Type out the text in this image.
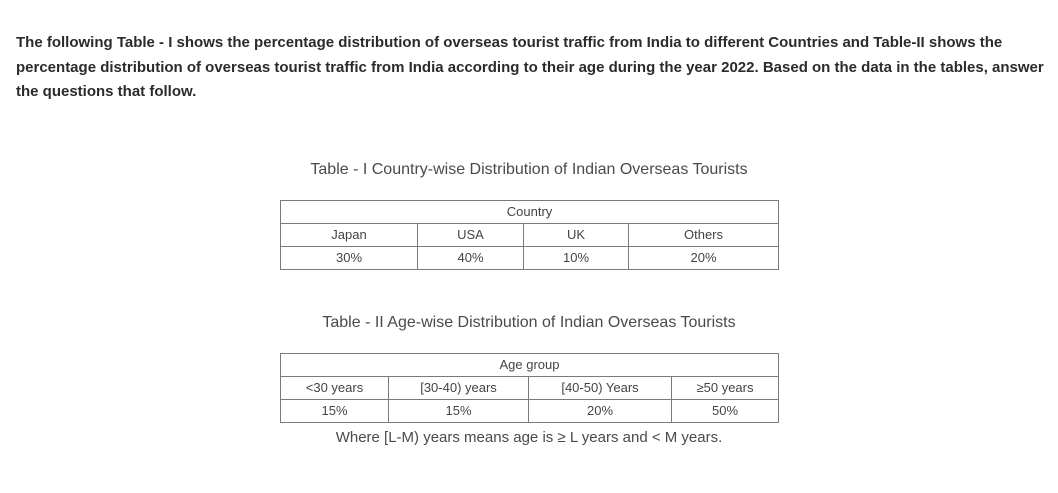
The following Table - I shows the percentage distribution of overseas tourist traffic from India to different Countries and Table-II shows the percentage distribution of overseas tourist traffic from India according to their age during the year 2022. Based on the data in the tables, answer the questions that follow.

Table - I Country-wise Distribution of Indian Overseas Tourists

Country			
Japan	USA	UK	Others
30%	40%	10%	20%

Table - II Age-wise Distribution of Indian Overseas Tourists

Age group			
<30 years	[30-40) years	[40-50) Years	≥50 years
15%	15%	20%	50%

Where [L-M) years means age is ≥ L years and < M years.
